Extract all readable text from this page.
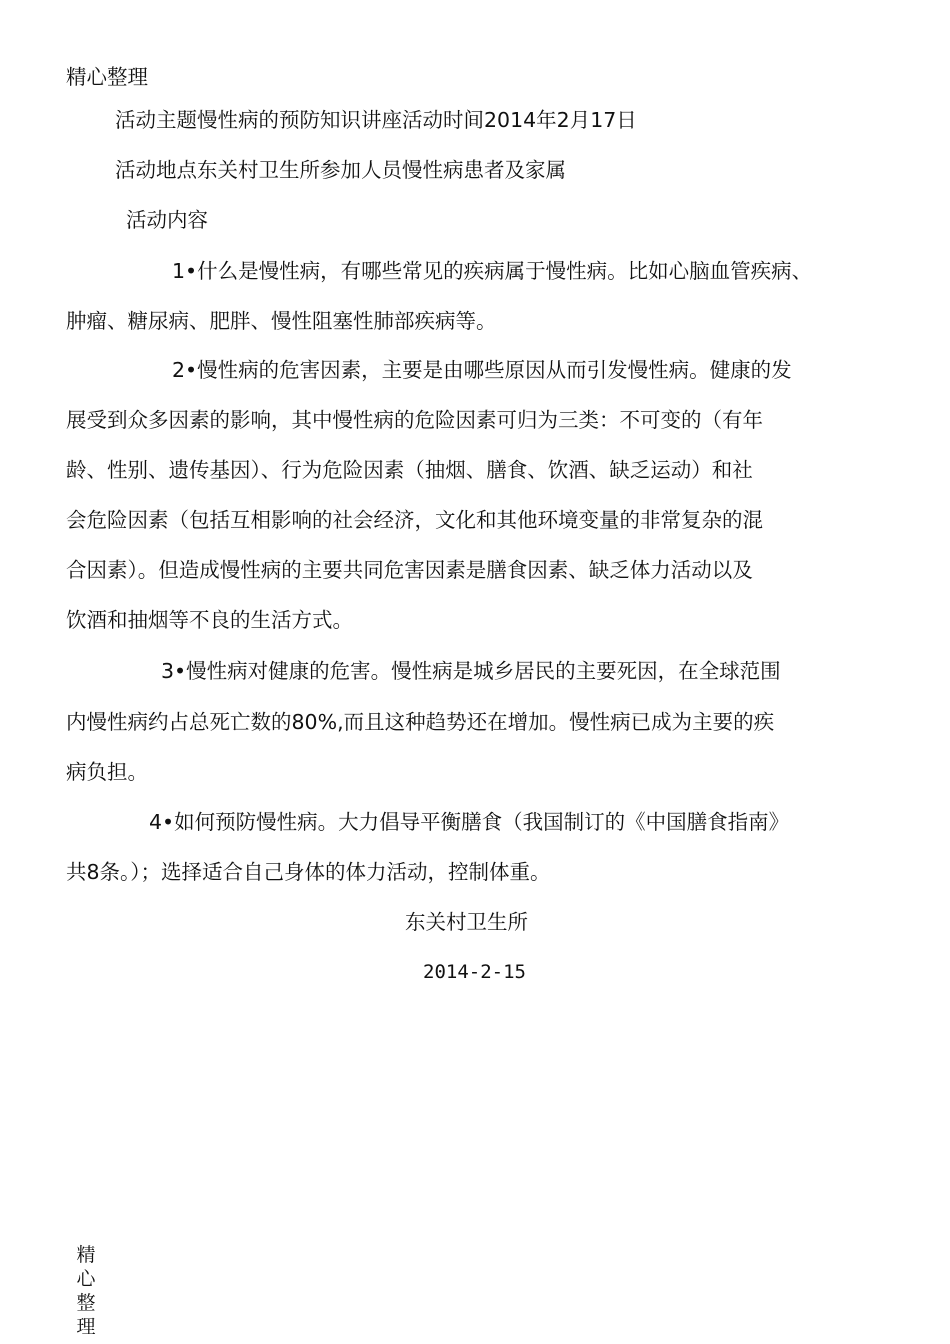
精心整理
活动主题慢性病的预防知识讲座活动时间2014年2月17日
活动地点东关村卫生所参加人员慢性病患者及家属
活动内容
1•什么是慢性病，有哪些常见的疾病属于慢性病。比如心脑血管疾病、
肿瘤、糖尿病、肥胖、慢性阻塞性肺部疾病等。
2•慢性病的危害因素，主要是由哪些原因从而引发慢性病。健康的发
展受到众多因素的影响，其中慢性病的危险因素可归为三类：不可变的（有年
龄、性别、遗传基因）、行为危险因素（抽烟、膳食、饮酒、缺乏运动）和社
会危险因素（包括互相影响的社会经济，文化和其他环境变量的非常复杂的混
合因素）。但造成慢性病的主要共同危害因素是膳食因素、缺乏体力活动以及
饮酒和抽烟等不良的生活方式。
3•慢性病对健康的危害。慢性病是城乡居民的主要死因，在全球范围
内慢性病约占总死亡数的80%,而且这种趋势还在增加。慢性病已成为主要的疾
病负担。
4•如何预防慢性病。大力倡导平衡膳食（我国制订的《中国膳食指南》
共8条。）；选择适合自己身体的体力活动，控制体重。
东关村卫生所
2014-2-15
精心整理
